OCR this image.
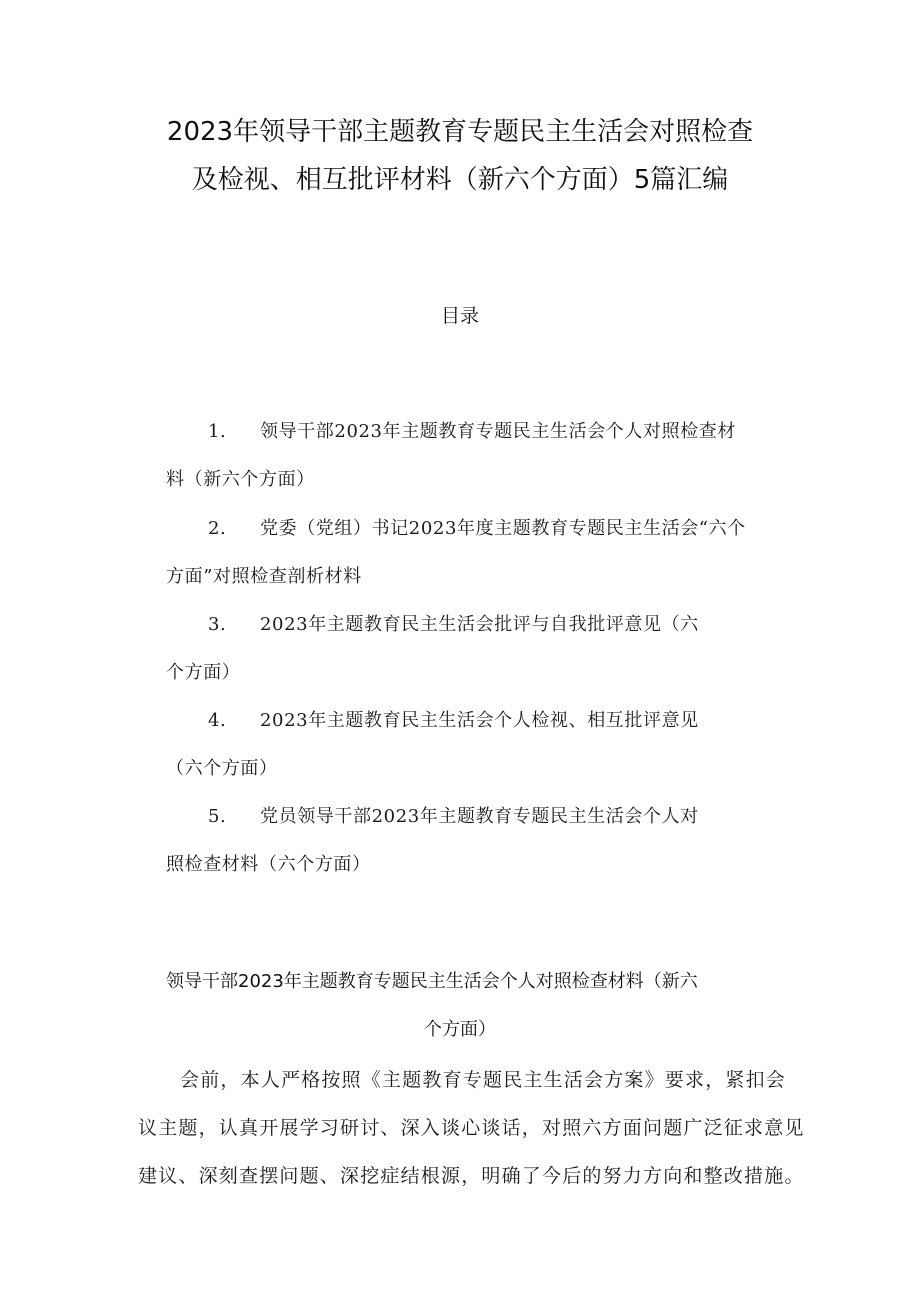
2023年领导干部主题教育专题民主生活会对照检查
及检视、相互批评材料（新六个方面）5篇汇编
目录
1. 领导干部2023年主题教育专题民主生活会个人对照检查材
料（新六个方面）
2. 党委（党组）书记2023年度主题教育专题民主生活会“六个
方面”对照检查剖析材料
3. 2023年主题教育民主生活会批评与自我批评意见（六
个方面）
4. 2023年主题教育民主生活会个人检视、相互批评意见
（六个方面）
5. 党员领导干部2023年主题教育专题民主生活会个人对
照检查材料（六个方面）
领导干部2023年主题教育专题民主生活会个人对照检查材料（新六
个方面）
会前，本人严格按照《主题教育专题民主生活会方案》要求，紧扣会
议主题，认真开展学习研讨、深入谈心谈话，对照六方面问题广泛征求意见
建议、深刻查摆问题、深挖症结根源，明确了今后的努力方向和整改措施。
